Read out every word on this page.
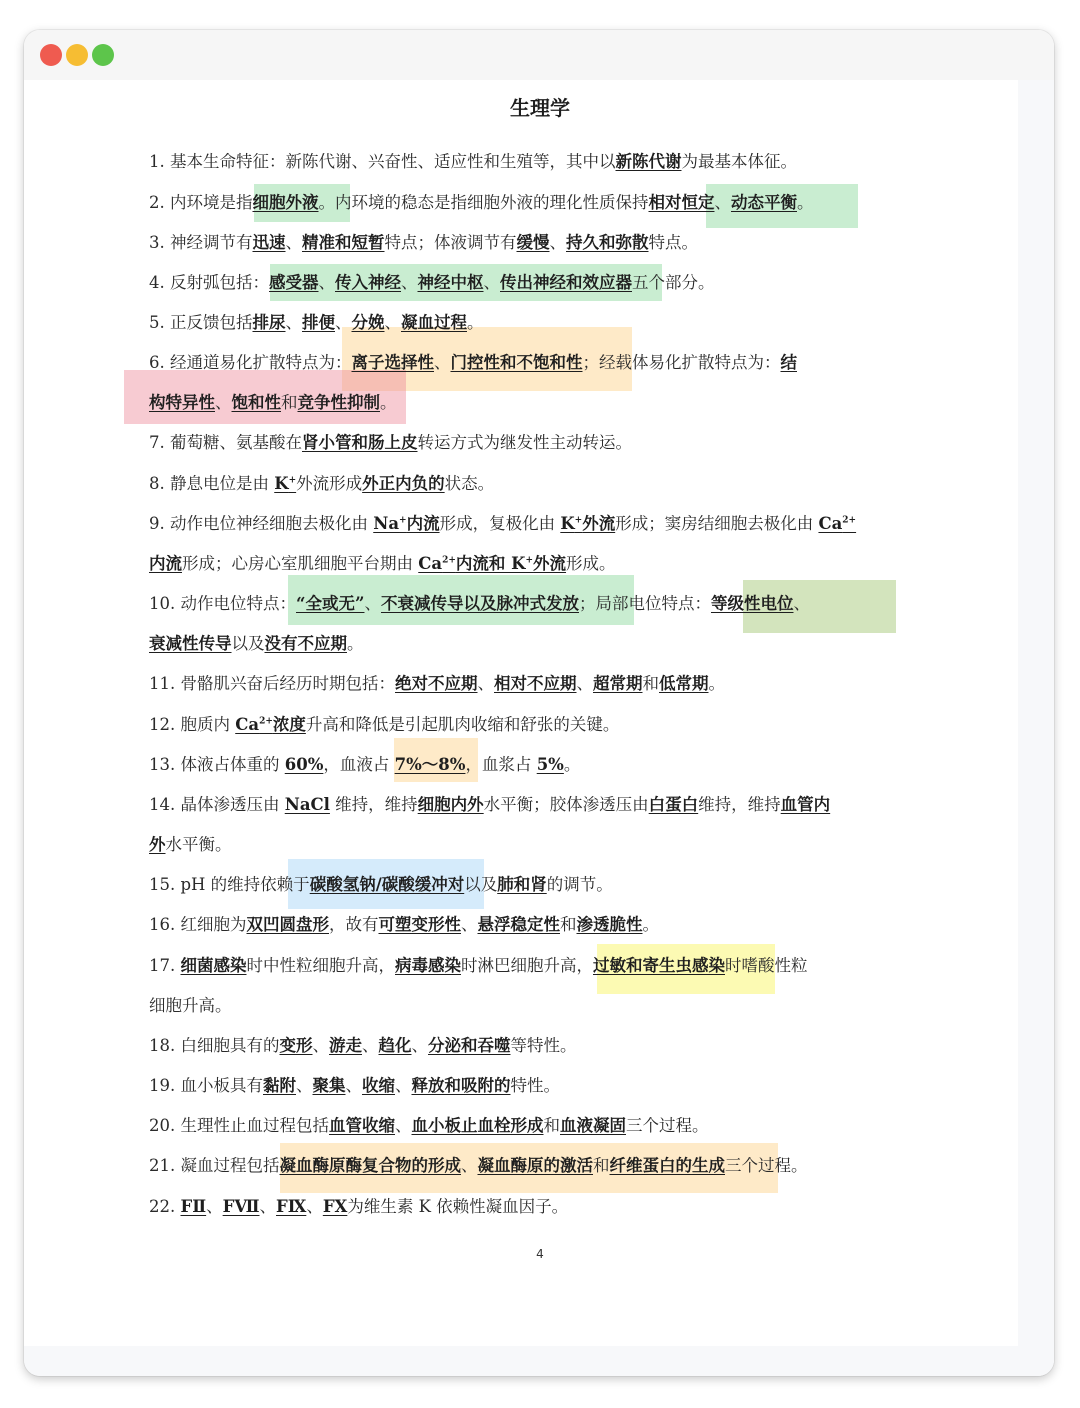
生理学

1. 基本生命特征：新陈代谢、兴奋性、适应性和生殖等，其中以新陈代谢为最基本体征。

2. 内环境是指细胞外液。内环境的稳态是指细胞外液的理化性质保持相对恒定、动态平衡。

3. 神经调节有迅速、精准和短暂特点；体液调节有缓慢、持久和弥散特点。

4. 反射弧包括：感受器、传入神经、神经中枢、传出神经和效应器五个部分。

5. 正反馈包括排尿、排便、分娩、凝血过程。

6. 经通道易化扩散特点为：离子选择性、门控性和不饱和性；经载体易化扩散特点为：结

构特异性、饱和性和竞争性抑制。

7. 葡萄糖、氨基酸在肾小管和肠上皮转运方式为继发性主动转运。

8. 静息电位是由 K+外流形成外正内负的状态。

9. 动作电位神经细胞去极化由 Na+内流形成，复极化由 K+外流形成；窦房结细胞去极化由 $Ca^{2+}$

内流形成；心房心室肌细胞平台期由 $Ca^{2+}$内流和 K+外流形成。

10. 动作电位特点：“全或无”、不衰减传导以及脉冲式发放；局部电位特点：等级性电位、

衰减性传导以及没有不应期。

11. 骨骼肌兴奋后经历时期包括：绝对不应期、相对不应期、超常期和低常期。

12. 胞质内 $Ca^{2+}$浓度升高和降低是引起肌肉收缩和舒张的关键。

13. 体液占体重的 60%，血液占 7%～8%，血浆占 5%。

14. 晶体渗透压由 NaCl 维持，维持细胞内外水平衡；胶体渗透压由白蛋白维持，维持血管内

外水平衡。

15. pH 的维持依赖于碳酸氢钠/碳酸缓冲对以及肺和肾的调节。

16. 红细胞为双凹圆盘形，故有可塑变形性、悬浮稳定性和渗透脆性。

17. 细菌感染时中性粒细胞升高，病毒感染时淋巴细胞升高，过敏和寄生虫感染时嗜酸性粒

细胞升高。

18. 白细胞具有的变形、游走、趋化、分泌和吞噬等特性。

19. 血小板具有黏附、聚集、收缩、释放和吸附的特性。

20. 生理性止血过程包括血管收缩、血小板止血栓形成和血液凝固三个过程。

21. 凝血过程包括凝血酶原酶复合物的形成、凝血酶原的激活和纤维蛋白的生成三个过程。

22. FⅡ、FⅦ、FⅨ、FⅩ为维生素 K 依赖性凝血因子。

4
